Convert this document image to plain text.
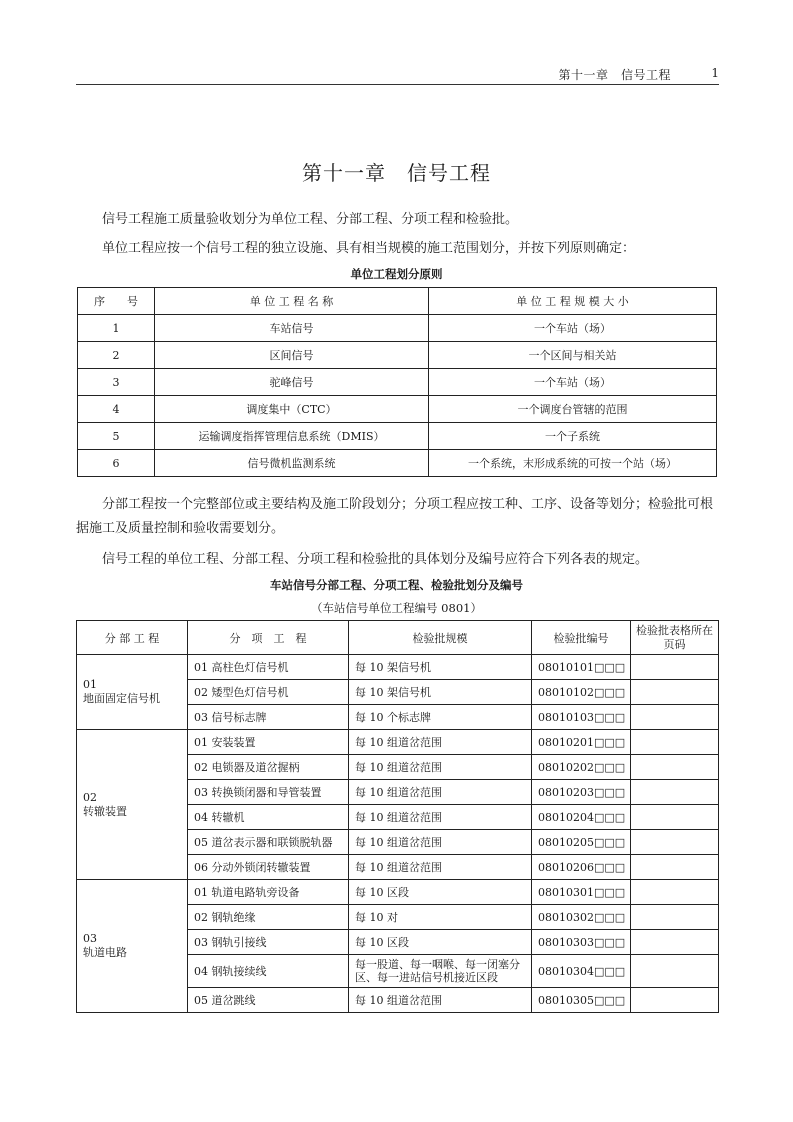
第十一章　信号工程	1
第十一章　信号工程

信号工程施工质量验收划分为单位工程、分部工程、分项工程和检验批。

单位工程应按一个信号工程的独立设施、具有相当规模的施工范围划分，并按下列原则确定：

单位工程划分原则
序　　号	单 位 工 程 名 称	单 位 工 程 规 模 大 小
1	车站信号	一个车站（场）
2	区间信号	一个区间与相关站
3	驼峰信号	一个车站（场）
4	调度集中（CTC）	一个调度台管辖的范围
5	运输调度指挥管理信息系统（DMIS）	一个子系统
6	信号微机监测系统	一个系统，末形成系统的可按一个站（场）

分部工程按一个完整部位或主要结构及施工阶段划分；分项工程应按工种、工序、设备等划分；检验批可根据施工及质量控制和验收需要划分。

信号工程的单位工程、分部工程、分项工程和检验批的具体划分及编号应符合下列各表的规定。

车站信号分部工程、分项工程、检验批划分及编号
（车站信号单位工程编号 0801）
分 部 工 程	分　项　工　程	检验批规模	检验批编号	检验批表格所在页码

01
地面固定信号机	01 高柱色灯信号机	每 10 架信号机	08010101□□□	
	02 矮型色灯信号机	每 10 架信号机	08010102□□□	
	03 信号标志牌	每 10 个标志牌	08010103□□□	

02
转辙装置	01 安装装置	每 10 组道岔范围	08010201□□□	
	02 电锁器及道岔握柄	每 10 组道岔范围	08010202□□□	
	03 转换锁闭器和导管装置	每 10 组道岔范围	08010203□□□	
	04 转辙机	每 10 组道岔范围	08010204□□□	
	05 道岔表示器和联锁脱轨器	每 10 组道岔范围	08010205□□□	
	06 分动外锁闭转辙装置	每 10 组道岔范围	08010206□□□	

03
轨道电路	01 轨道电路轨旁设备	每 10 区段	08010301□□□	
	02 钢轨绝缘	每 10 对	08010302□□□	
	03 钢轨引接线	每 10 区段	08010303□□□	
	04 钢轨接续线	每一股道、每一咽喉、每一闭塞分区、每一进站信号机接近区段	08010304□□□	
	05 道岔跳线	每 10 组道岔范围	08010305□□□	
